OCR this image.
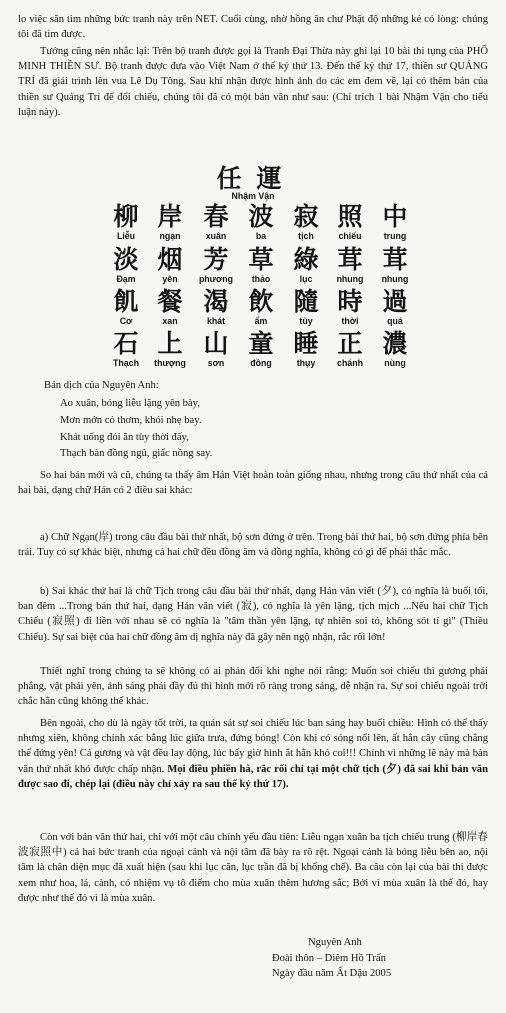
lo việc săn tìm những bức tranh này trên NET. Cuối cùng, nhờ hồng ân chư Phật độ những kẻ có lòng: chúng tôi đã tìm được.
Tưởng cũng nên nhắc lại: Trên bộ tranh được gọi là Tranh Đại Thừa này ghi lại 10 bài thi tụng của PHỔ MINH THIỀN SƯ. Bộ tranh được đưa vào Việt Nam ở thế kỷ thứ 13. Đến thế kỷ thứ 17, thiền sư QUẢNG TRÍ đã giải trình lên vua Lê Dụ Tông. Sau khi nhận được hình ảnh do các em đem về, lại có thêm bản của thiền sư Quảng Trí để đối chiếu, chúng tôi đã có một bản văn như sau: (Chỉ trích 1 bài Nhậm Vận cho tiểu luận này).
任 運
Nhậm Vận
柳
Liễu
岸
ngạn
春
xuân
波
ba
寂
tịch
照
chiếu
中
trung
淡
Đạm
烟
yên
芳
phương
草
thảo
綠
lục
茸
nhung
茸
nhung
飢
Cơ
餐
xan
渴
khát
飲
ẩm
隨
tùy
時
thời
過
quá
石
Thạch
上
thượng
山
sơn
童
đồng
睡
thụy
正
chánh
濃
nùng
Bản dịch của Nguyên Anh:
Ao xuân, bóng liễu lặng yên bày,
Mơn mởn cỏ thơm, khói nhẹ bay.
Khát uống đói ăn tùy thời đấy,
Thạch bàn đồng ngủ, giấc nồng say.
So hai bản mới và cũ, chúng ta thấy âm Hán Việt hoàn toàn giống nhau, nhưng trong câu thứ nhất của cả hai bài, dạng chữ Hán có 2 điều sai khác:
a) Chữ Ngạn(岸) trong câu đầu bài thứ nhất, bộ sơn đứng ở trên. Trong bài thứ hai, bộ sơn đứng phía bên trái. Tuy có sự khác biệt, nhưng cả hai chữ đều đồng âm và đồng nghĩa, không có gì để phải thắc mắc.
b) Sai khác thứ hai là chữ Tịch trong câu đầu bài thứ nhất, dạng Hán văn viết (夕), có nghĩa là buổi tối, ban đêm ...Trong bản thứ hai, dạng Hán văn viết (寂), có nghĩa là yên lặng, tịch mịch ...Nếu hai chữ Tịch Chiếu (寂照) đi liền với nhau sẽ có nghĩa là "tâm thần yên lặng, tự nhiên soi tỏ, không sót tí gì" (Thiều Chiểu). Sự sai biệt của hai chữ đồng âm dị nghĩa này đã gây nên ngộ nhận, rắc rối lớn!
Thiết nghĩ trong chúng ta sẽ không có ai phản đối khi nghe nói rằng: Muốn soi chiếu thì gương phải phẳng, vật phải yên, ánh sáng phải đầy đủ thì hình mới rõ ràng trong sáng, dễ nhận ra. Sự soi chiếu ngoài trời chắc hẳn cũng không thể khác.
Bên ngoài, cho dù là ngày tốt trời, ta quán sát sự soi chiếu lúc ban sáng hay buổi chiều: Hình có thể thấy nhưng xiên, không chính xác bằng lúc giữa trưa, đứng bóng! Còn khi có sóng nổi lên, ất hẳn cây cũng chẳng thể đứng yên! Cả gương và vật đều lay động, lúc bấy giờ hình ắt hẳn khó coi!!! Chính vì những lẽ này mà bản văn thứ nhất khó được chấp nhận. Mọi điều phiền hà, rắc rối chỉ tại một chữ tịch (夕) đã sai khi bản văn được sao đi, chép lại (điều này chỉ xảy ra sau thế kỷ thứ 17).
Còn với bản văn thứ hai, chỉ với một câu chính yếu đầu tiên: Liễu ngạn xuân ba tịch chiếu trung (柳岸春波寂照中) cả hai bức tranh của ngoại cảnh và nội tâm đã bày ra rõ rệt. Ngoại cảnh là bóng liễu bên ao, nội tâm là chân diện mục đã xuất hiện (sau khi lục căn, lục trần đã bị khống chế). Ba câu còn lại của bài thi được xem như hoa, lá, cành, có nhiệm vụ tô điểm cho mùa xuân thêm hương sắc; Bởi vì mùa xuân là thế đó, hay được như thế đó vì là mùa xuân.
Nguyên Anh
Đoài thôn – Diêm Hồ Trấn
Ngày đầu năm Ất Dậu 2005
